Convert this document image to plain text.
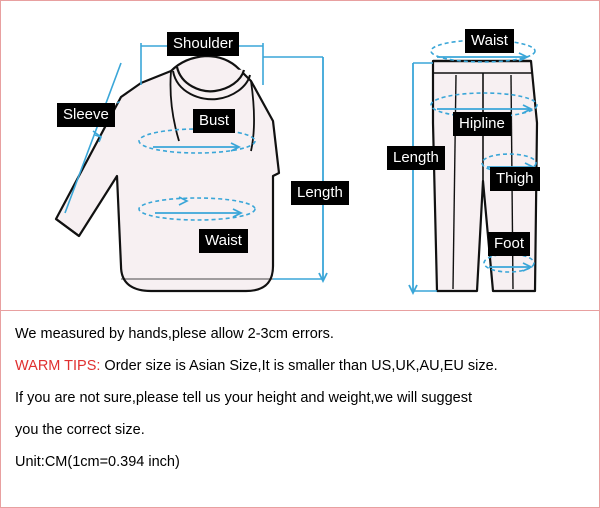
Shoulder
Sleeve	Bust
Length
Waist
Waist
Hipline
Length
Thigh
Foot

We measured by hands,plese allow 2-3cm errors.

WARM TIPS: Order size is Asian Size,It is smaller than US,UK,AU,EU size.

If you are not sure,please tell us your height and weight,we will suggest

you the correct size.

Unit:CM(1cm=0.394 inch)
